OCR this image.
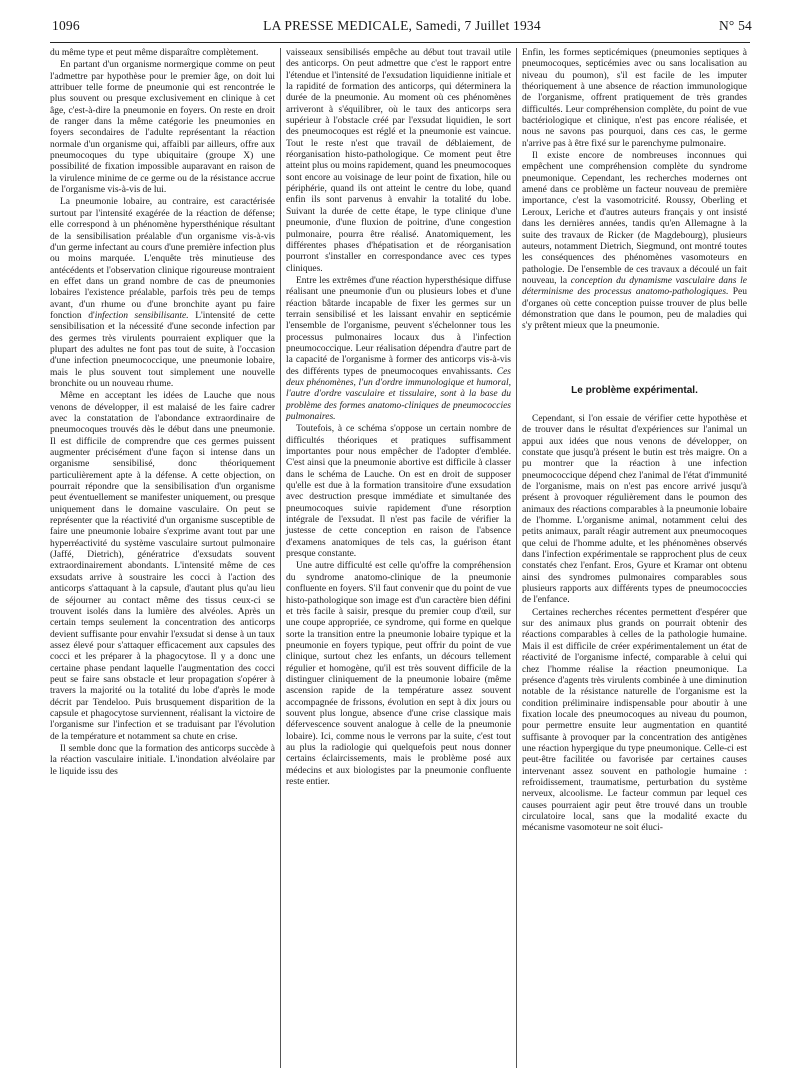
1096	LA PRESSE MEDICALE, Samedi, 7 Juillet 1934	N° 54

du même type et peut même disparaître complètement.

En partant d'un organisme normergique comme on peut l'admettre par hypothèse pour le premier âge, on doit lui attribuer telle forme de pneumonie qui est rencontrée le plus souvent ou presque exclusivement en clinique à cet âge, c'est-à-dire la pneumonie en foyers. On reste en droit de ranger dans la même catégorie les pneumonies en foyers secondaires de l'adulte représentant la réaction normale d'un organisme qui, affaibli par ailleurs, offre aux pneumocoques du type ubiquitaire (groupe X) une possibilité de fixation impossible auparavant en raison de la virulence minime de ce germe ou de la résistance accrue de l'organisme vis-à-vis de lui.

La pneumonie lobaire, au contraire, est caractérisée surtout par l'intensité exagérée de la réaction de défense; elle correspond à un phénomène hypersthénique résultant de la sensibilisation préalable d'un organisme vis-à-vis d'un germe infectant au cours d'une première infection plus ou moins marquée. L'enquête très minutieuse des antécédents et l'observation clinique rigoureuse montraient en effet dans un grand nombre de cas de pneumonies lobaires l'existence préalable, parfois très peu de temps avant, d'un rhume ou d'une bronchite ayant pu faire fonction d'infection sensibilisante. L'intensité de cette sensibilisation et la nécessité d'une seconde infection par des germes très virulents pourraient expliquer que la plupart des adultes ne font pas tout de suite, à l'occasion d'une infection pneumococcique, une pneumonie lobaire, mais le plus souvent tout simplement une nouvelle bronchite ou un nouveau rhume.

Même en acceptant les idées de Lauche que nous venons de développer, il est malaisé de les faire cadrer avec la constatation de l'abondance extraordinaire de pneumocoques trouvés dès le début dans une pneumonie. Il est difficile de comprendre que ces germes puissent augmenter précisément d'une façon si intense dans un organisme sensibilisé, donc théoriquement particulièrement apte à la défense. A cette objection, on pourrait répondre que la sensibilisation d'un organisme peut éventuellement se manifester uniquement, ou presque uniquement dans le domaine vasculaire. On peut se représenter que la réactivité d'un organisme susceptible de faire une pneumonie lobaire s'exprime avant tout par une hyperréactivité du système vasculaire surtout pulmonaire (Jaffé, Dietrich), génératrice d'exsudats souvent extraordinairement abondants. L'intensité même de ces exsudats arrive à soustraire les cocci à l'action des anticorps s'attaquant à la capsule, d'autant plus qu'au lieu de séjourner au contact même des tissus ceux-ci se trouvent isolés dans la lumière des alvéoles. Après un certain temps seulement la concentration des anticorps devient suffisante pour envahir l'exsudat si dense à un taux assez élevé pour s'attaquer efficacement aux capsules des cocci et les préparer à la phagocytose. Il y a donc une certaine phase pendant laquelle l'augmentation des cocci peut se faire sans obstacle et leur propagation s'opérer à travers la majorité ou la totalité du lobe d'après le mode décrit par Tendeloo. Puis brusquement disparition de la capsule et phagocytose surviennent, réalisant la victoire de l'organisme sur l'infection et se traduisant par l'évolution de la température et notamment sa chute en crise.

Il semble donc que la formation des anticorps succède à la réaction vasculaire initiale. L'inondation alvéolaire par le liquide issu des

vaisseaux sensibilisés empêche au début tout travail utile des anticorps. On peut admettre que c'est le rapport entre l'étendue et l'intensité de l'exsudation liquidienne initiale et la rapidité de formation des anticorps, qui déterminera la durée de la pneumonie. Au moment où ces phénomènes arriveront à s'équilibrer, où le taux des anticorps sera supérieur à l'obstacle créé par l'exsudat liquidien, le sort des pneumocoques est réglé et la pneumonie est vaincue. Tout le reste n'est que travail de déblaiement, de réorganisation histo-pathologique. Ce moment peut être atteint plus ou moins rapidement, quand les pneumocoques sont encore au voisinage de leur point de fixation, hile ou périphérie, quand ils ont atteint le centre du lobe, quand enfin ils sont parvenus à envahir la totalité du lobe. Suivant la durée de cette étape, le type clinique d'une pneumonie, d'une fluxion de poitrine, d'une congestion pulmonaire, pourra être réalisé. Anatomiquement, les différentes phases d'hépatisation et de réorganisation pourront s'installer en correspondance avec ces types cliniques.

Entre les extrêmes d'une réaction hypersthésique diffuse réalisant une pneumonie d'un ou plusieurs lobes et d'une réaction bâtarde incapable de fixer les germes sur un terrain sensibilisé et les laissant envahir en septicémie l'ensemble de l'organisme, peuvent s'échelonner tous les processus pulmonaires locaux dus à l'infection pneumococcique. Leur réalisation dépendra d'autre part de la capacité de l'organisme à former des anticorps vis-à-vis des différents types de pneumocoques envahissants. Ces deux phénomènes, l'un d'ordre immunologique et humoral, l'autre d'ordre vasculaire et tissulaire, sont à la base du problème des formes anatomo-cliniques de pneumococcies pulmonaires.

Toutefois, à ce schéma s'oppose un certain nombre de difficultés théoriques et pratiques suffisamment importantes pour nous empêcher de l'adopter d'emblée. C'est ainsi que la pneumonie abortive est difficile à classer dans le schéma de Lauche. On est en droit de supposer qu'elle est due à la formation transitoire d'une exsudation avec destruction presque immédiate et simultanée des pneumocoques suivie rapidement d'une résorption intégrale de l'exsudat. Il n'est pas facile de vérifier la justesse de cette conception en raison de l'absence d'examens anatomiques de tels cas, la guérison étant presque constante.

Une autre difficulté est celle qu'offre la compréhension du syndrome anatomo-clinique de la pneumonie confluente en foyers. S'il faut convenir que du point de vue histo-pathologique son image est d'un caractère bien défini et très facile à saisir, presque du premier coup d'œil, sur une coupe appropriée, ce syndrome, qui forme en quelque sorte la transition entre la pneumonie lobaire typique et la pneumonie en foyers typique, peut offrir du point de vue clinique, surtout chez les enfants, un décours tellement régulier et homogène, qu'il est très souvent difficile de la distinguer cliniquement de la pneumonie lobaire (même ascension rapide de la température assez souvent accompagnée de frissons, évolution en sept à dix jours ou souvent plus longue, absence d'une crise classique mais défervescence souvent analogue à celle de la pneumonie lobaire). Ici, comme nous le verrons par la suite, c'est tout au plus la radiologie qui quelquefois peut nous donner certains éclaircissements, mais le problème posé aux médecins et aux biologistes par la pneumonie confluente reste entier.

Enfin, les formes septicémiques (pneumonies septiques à pneumocoques, septicémies avec ou sans localisation au niveau du poumon), s'il est facile de les imputer théoriquement à une absence de réaction immunologique de l'organisme, offrent pratiquement de très grandes difficultés. Leur compréhension complète, du point de vue bactériologique et clinique, n'est pas encore réalisée, et nous ne savons pas pourquoi, dans ces cas, le germe n'arrive pas à être fixé sur le parenchyme pulmonaire.

Il existe encore de nombreuses inconnues qui empêchent une compréhension complète du syndrome pneumonique. Cependant, les recherches modernes ont amené dans ce problème un facteur nouveau de première importance, c'est la vasomotricité. Roussy, Oberling et Leroux, Leriche et d'autres auteurs français y ont insisté dans les dernières années, tandis qu'en Allemagne à la suite des travaux de Ricker (de Magdebourg), plusieurs auteurs, notamment Dietrich, Siegmund, ont montré toutes les conséquences des phénomènes vasomoteurs en pathologie. De l'ensemble de ces travaux a découlé un fait nouveau, la conception du dynamisme vasculaire dans le déterminisme des processus anatomo-pathologiques. Peu d'organes où cette conception puisse trouver de plus belle démonstration que dans le poumon, peu de maladies qui s'y prêtent mieux que la pneumonie.

Le problème expérimental.

Cependant, si l'on essaie de vérifier cette hypothèse et de trouver dans le résultat d'expériences sur l'animal un appui aux idées que nous venons de développer, on constate que jusqu'à présent le butin est très maigre. On a pu montrer que la réaction à une infection pneumococcique dépend chez l'animal de l'état d'immunité de l'organisme, mais on n'est pas encore arrivé jusqu'à présent à provoquer régulièrement dans le poumon des animaux des réactions comparables à la pneumonie lobaire de l'homme. L'organisme animal, notamment celui des petits animaux, paraît réagir autrement aux pneumocoques que celui de l'homme adulte, et les phénomènes observés dans l'infection expérimentale se rapprochent plus de ceux constatés chez l'enfant. Eros, Gyure et Kramar ont obtenu ainsi des syndromes pulmonaires comparables sous plusieurs rapports aux différents types de pneumococcies de l'enfance.

Certaines recherches récentes permettent d'espérer que sur des animaux plus grands on pourrait obtenir des réactions comparables à celles de la pathologie humaine. Mais il est difficile de créer expérimentalement un état de réactivité de l'organisme infecté, comparable à celui qui chez l'homme réalise la réaction pneumonique. La présence d'agents très virulents combinée à une diminution notable de la résistance naturelle de l'organisme est la condition préliminaire indispensable pour aboutir à une fixation locale des pneumocoques au niveau du poumon, pour permettre ensuite leur augmentation en quantité suffisante à provoquer par la concentration des antigènes une réaction hypergique du type pneumonique. Celle-ci est peut-être facilitée ou favorisée par certaines causes intervenant assez souvent en pathologie humaine : refroidissement, traumatisme, perturbation du système nerveux, alcoolisme. Le facteur commun par lequel ces causes pourraient agir peut être trouvé dans un trouble circulatoire local, sans que la modalité exacte du mécanisme vasomoteur ne soit éluci-
